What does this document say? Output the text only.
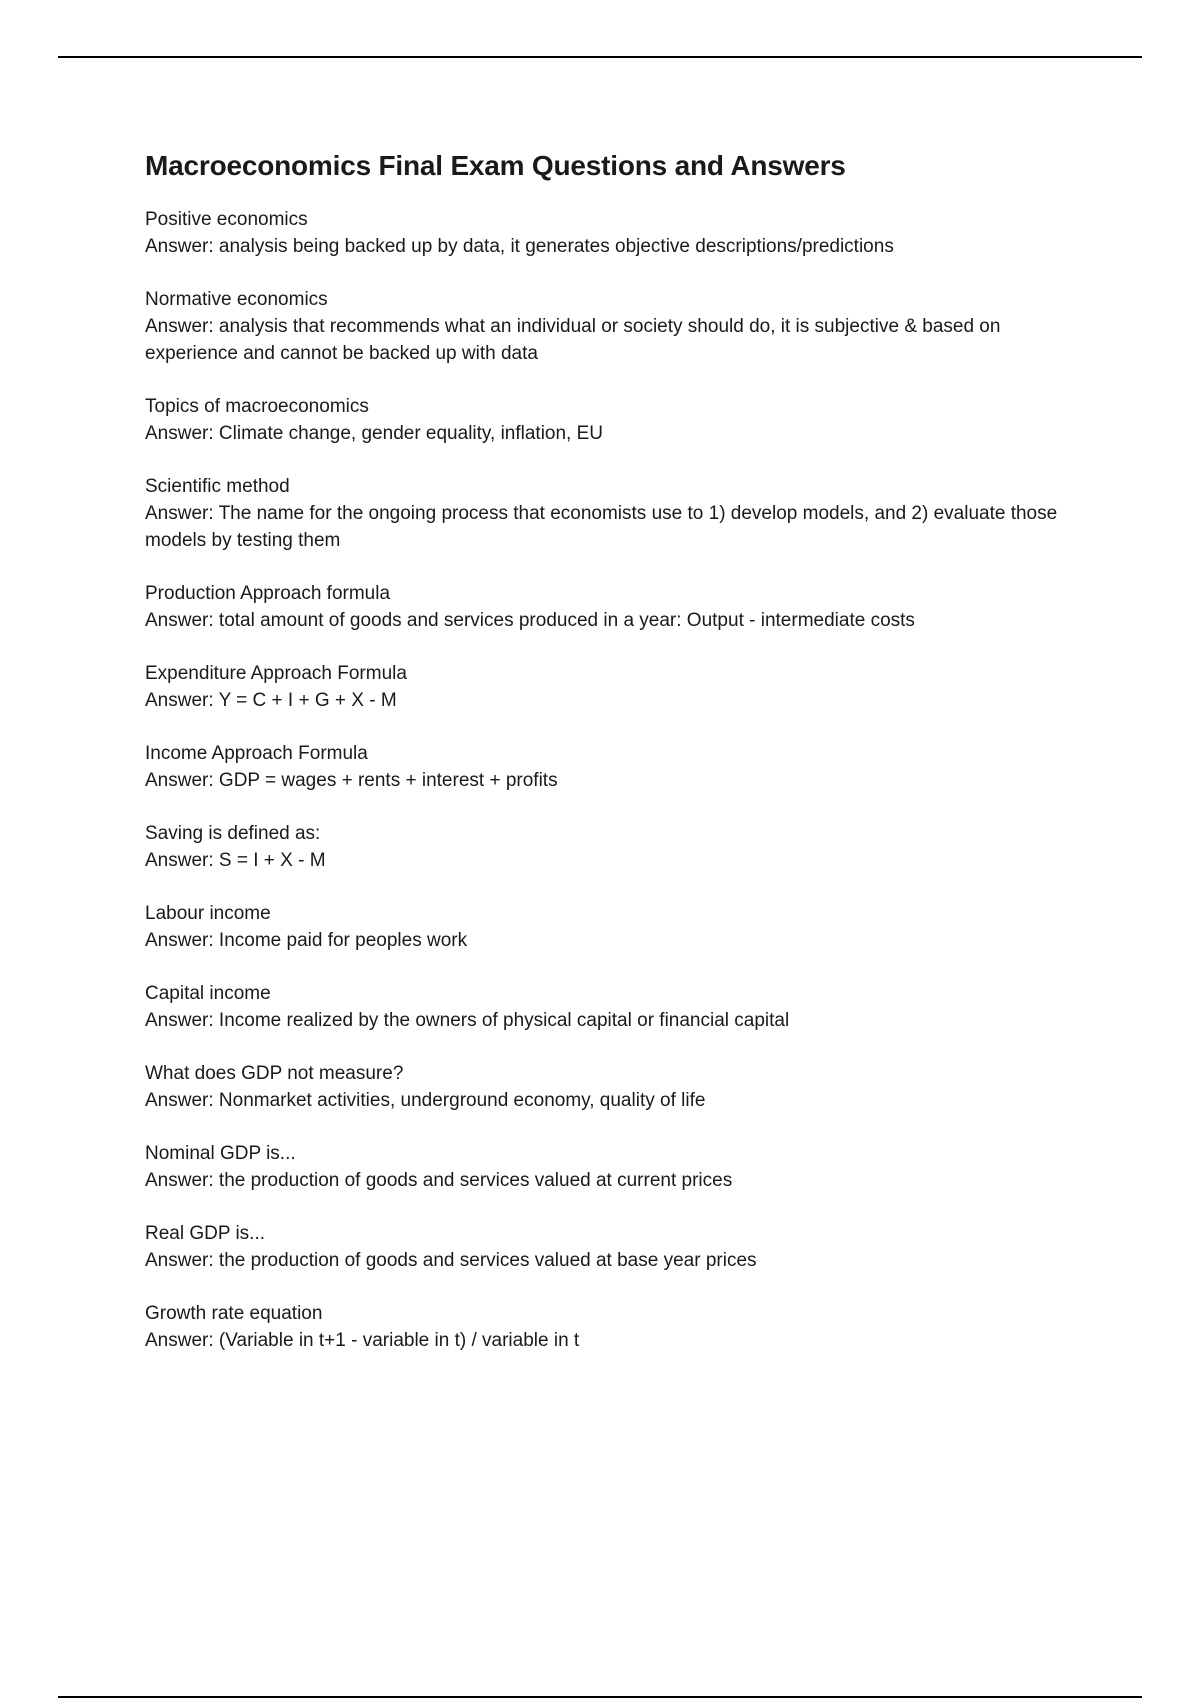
Macroeconomics Final Exam Questions and Answers
Positive economics
Answer: analysis being backed up by data, it generates objective descriptions/predictions
Normative economics
Answer: analysis that recommends what an individual or society should do, it is subjective & based on experience and cannot be backed up with data
Topics of macroeconomics
Answer: Climate change, gender equality, inflation, EU
Scientific method
Answer: The name for the ongoing process that economists use to 1) develop models, and 2) evaluate those models by testing them
Production Approach formula
Answer: total amount of goods and services produced in a year: Output - intermediate costs
Expenditure Approach Formula
Answer: Y = C + I + G + X - M
Income Approach Formula
Answer: GDP = wages + rents + interest + profits
Saving is defined as:
Answer: S = I + X - M
Labour income
Answer: Income paid for peoples work
Capital income
Answer: Income realized by the owners of physical capital or financial capital
What does GDP not measure?
Answer: Nonmarket activities, underground economy, quality of life
Nominal GDP is...
Answer: the production of goods and services valued at current prices
Real GDP is...
Answer: the production of goods and services valued at base year prices
Growth rate equation
Answer: (Variable in t+1 - variable in t) / variable in t
